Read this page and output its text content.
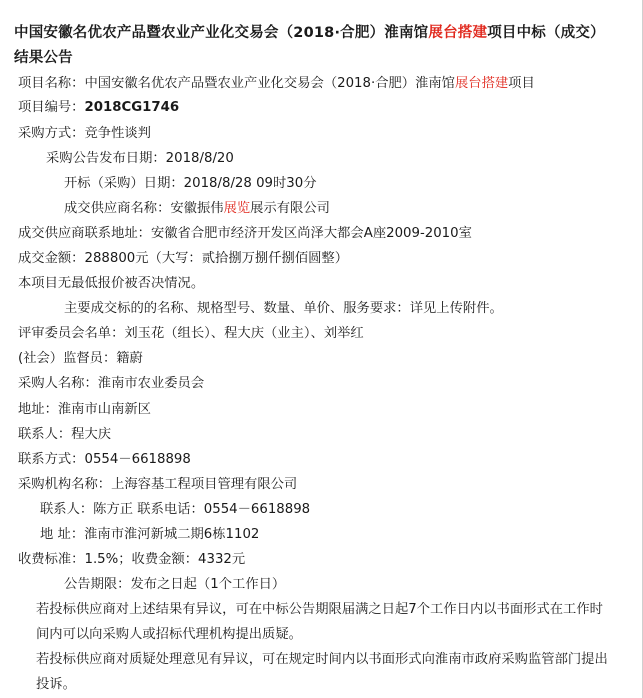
中国安徽名优农产品暨农业产业化交易会（2018·合肥）淮南馆展台搭建项目中标（成交）结果公告
项目名称：中国安徽名优农产品暨农业产业化交易会（2018·合肥）淮南馆展台搭建项目
项目编号：2018CG1746
采购方式：竞争性谈判
采购公告发布日期：2018/8/20
开标（采购）日期：2018/8/28 09时30分
成交供应商名称：安徽振伟展览展示有限公司
成交供应商联系地址：安徽省合肥市经济开发区尚泽大都会A座2009-2010室
成交金额：288800元（大写：贰拾捌万捌仟捌佰圆整）
本项目无最低报价被否决情况。
主要成交标的的名称、规格型号、数量、单价、服务要求：详见上传附件。
评审委员会名单：刘玉花（组长）、程大庆（业主）、刘举红
(社会）监督员：籍蔚
采购人名称：淮南市农业委员会
地址：淮南市山南新区
联系人：程大庆
联系方式：0554－6618898
采购机构名称：上海容基工程项目管理有限公司
联系人：陈方正 联系电话：0554－6618898
地 址：淮南市淮河新城二期6栋1102
收费标准：1.5%；收费金额：4332元
公告期限：发布之日起（1个工作日）
若投标供应商对上述结果有异议，可在中标公告期限届满之日起7个工作日内以书面形式在工作时间内可以向采购人或招标代理机构提出质疑。
若投标供应商对质疑处理意见有异议，可在规定时间内以书面形式向淮南市政府采购监管部门提出投诉。
